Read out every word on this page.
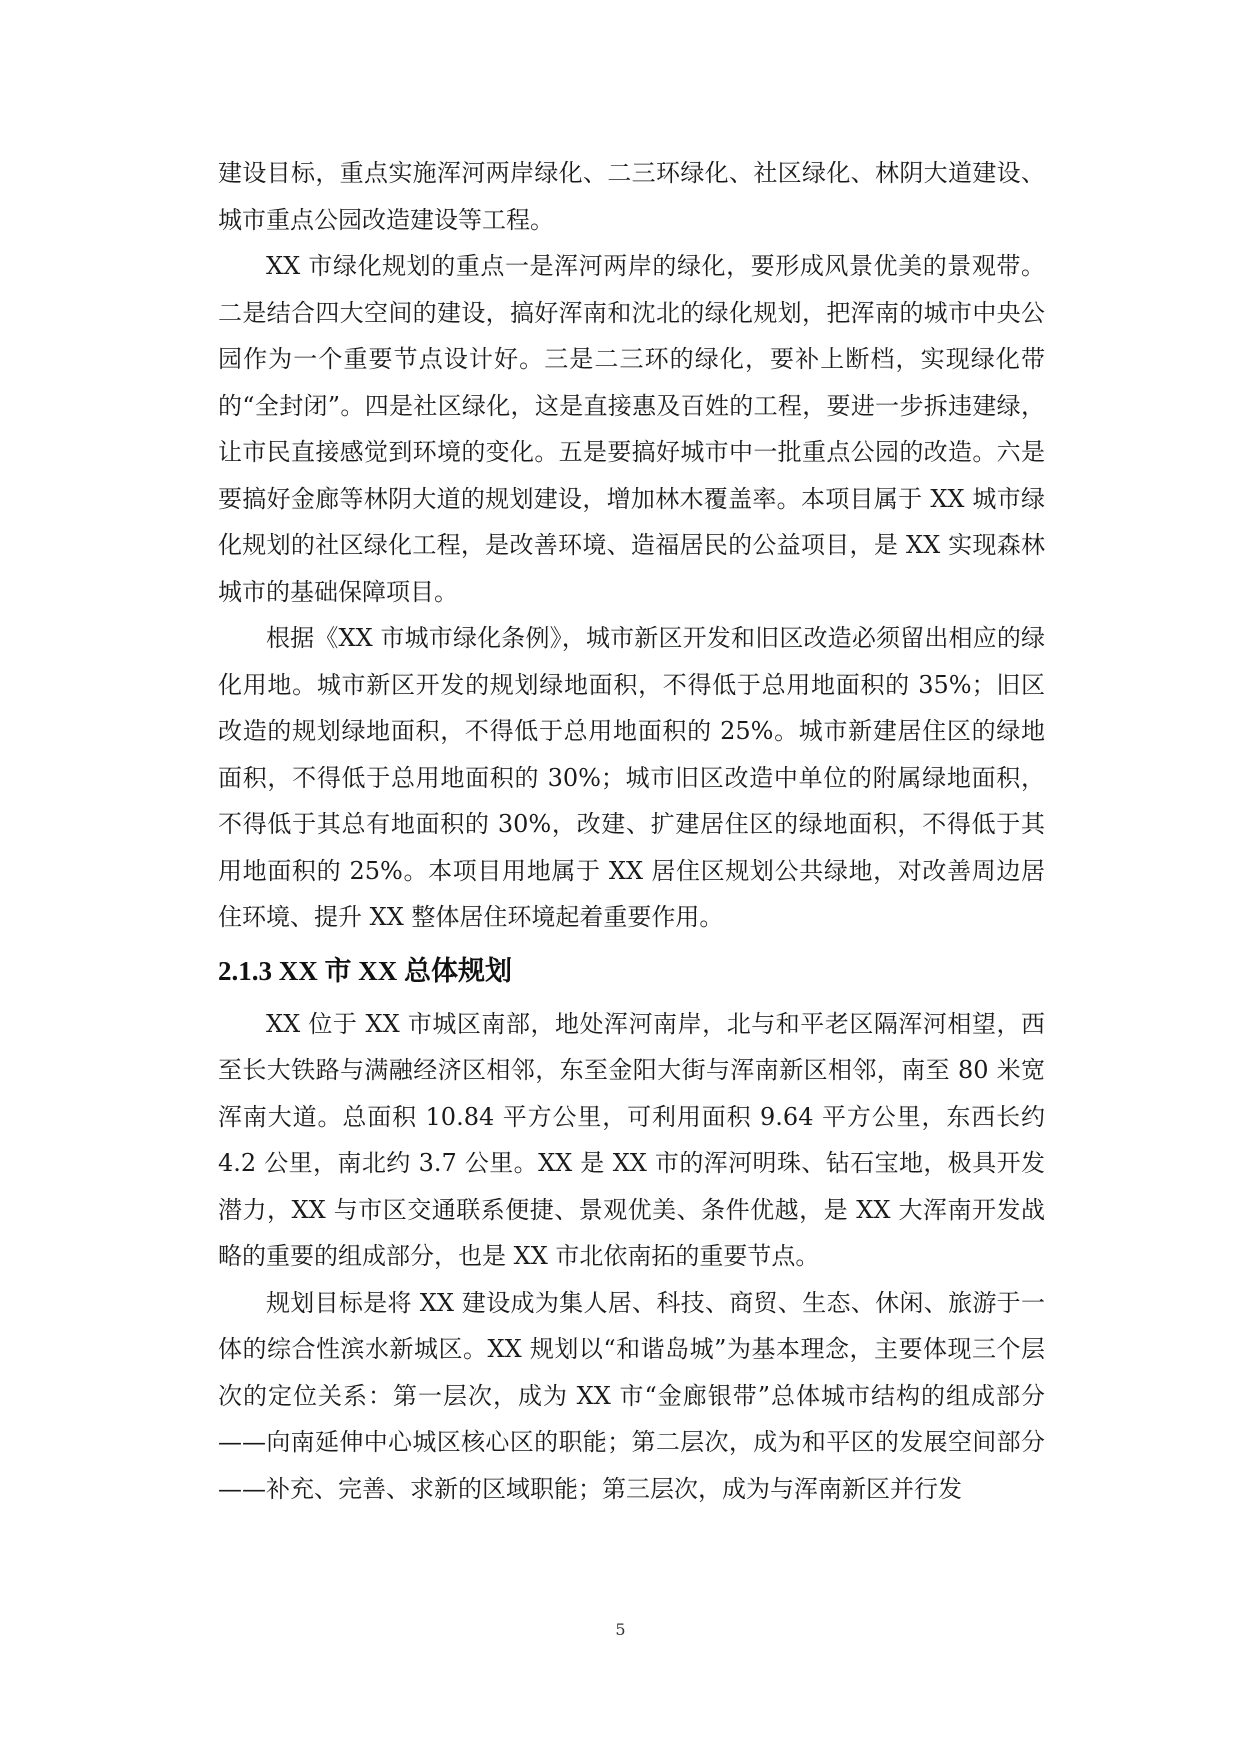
建设目标，重点实施浑河两岸绿化、二三环绿化、社区绿化、林阴大道建设、城市重点公园改造建设等工程。

XX 市绿化规划的重点一是浑河两岸的绿化，要形成风景优美的景观带。二是结合四大空间的建设，搞好浑南和沈北的绿化规划，把浑南的城市中央公园作为一个重要节点设计好。三是二三环的绿化，要补上断档，实现绿化带的“全封闭”。四是社区绿化，这是直接惠及百姓的工程，要进一步拆违建绿，让市民直接感觉到环境的变化。五是要搞好城市中一批重点公园的改造。六是要搞好金廊等林阴大道的规划建设，增加林木覆盖率。本项目属于 XX 城市绿化规划的社区绿化工程，是改善环境、造福居民的公益项目，是 XX 实现森林城市的基础保障项目。

根据《XX 市城市绿化条例》，城市新区开发和旧区改造必须留出相应的绿化用地。城市新区开发的规划绿地面积，不得低于总用地面积的 35%；旧区改造的规划绿地面积，不得低于总用地面积的 25%。城市新建居住区的绿地面积，不得低于总用地面积的 30%；城市旧区改造中单位的附属绿地面积，不得低于其总有地面积的 30%，改建、扩建居住区的绿地面积，不得低于其用地面积的 25%。本项目用地属于 XX 居住区规划公共绿地，对改善周边居住环境、提升 XX 整体居住环境起着重要作用。

2.1.3 XX 市 XX 总体规划

XX 位于 XX 市城区南部，地处浑河南岸，北与和平老区隔浑河相望，西至长大铁路与满融经济区相邻，东至金阳大街与浑南新区相邻，南至 80 米宽浑南大道。总面积 10.84 平方公里，可利用面积 9.64 平方公里，东西长约 4.2 公里，南北约 3.7 公里。XX 是 XX 市的浑河明珠、钻石宝地，极具开发潜力，XX 与市区交通联系便捷、景观优美、条件优越，是 XX 大浑南开发战略的重要的组成部分，也是 XX 市北依南拓的重要节点。

规划目标是将 XX 建设成为集人居、科技、商贸、生态、休闲、旅游于一体的综合性滨水新城区。XX 规划以“和谐岛城”为基本理念，主要体现三个层次的定位关系：第一层次，成为 XX 市“金廊银带”总体城市结构的组成部分——向南延伸中心城区核心区的职能；第二层次，成为和平区的发展空间部分——补充、完善、求新的区域职能；第三层次，成为与浑南新区并行发

5
